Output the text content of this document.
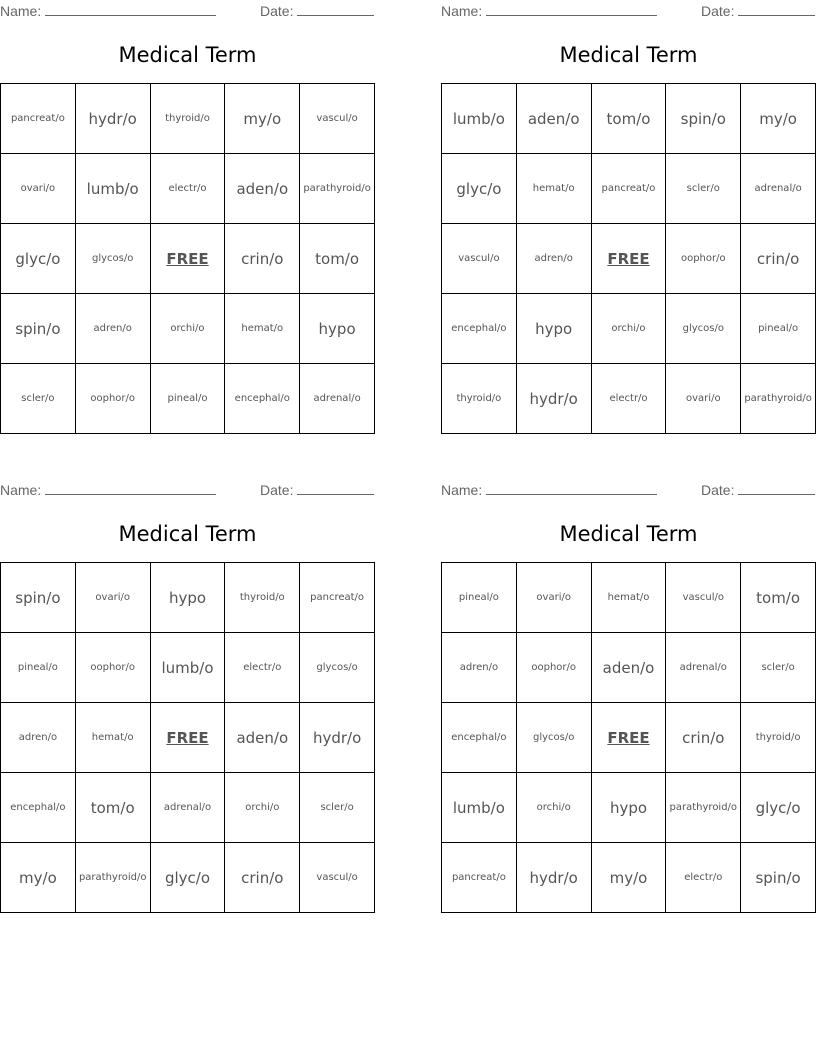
Name:	Date:
Medical Term
pancreat/o	hydr/o	thyroid/o	my/o	vascul/o
ovari/o	lumb/o	electr/o	aden/o	parathyroid/o
glyc/o	glycos/o	FREE	crin/o	tom/o
spin/o	adren/o	orchi/o	hemat/o	hypo
scler/o	oophor/o	pineal/o	encephal/o	adrenal/o
Name:	Date:
Medical Term
lumb/o	aden/o	tom/o	spin/o	my/o
glyc/o	hemat/o	pancreat/o	scler/o	adrenal/o
vascul/o	adren/o	FREE	oophor/o	crin/o
encephal/o	hypo	orchi/o	glycos/o	pineal/o
thyroid/o	hydr/o	electr/o	ovari/o	parathyroid/o
Name:	Date:
Medical Term
spin/o	ovari/o	hypo	thyroid/o	pancreat/o
pineal/o	oophor/o	lumb/o	electr/o	glycos/o
adren/o	hemat/o	FREE	aden/o	hydr/o
encephal/o	tom/o	adrenal/o	orchi/o	scler/o
my/o	parathyroid/o	glyc/o	crin/o	vascul/o
Name:	Date:
Medical Term
pineal/o	ovari/o	hemat/o	vascul/o	tom/o
adren/o	oophor/o	aden/o	adrenal/o	scler/o
encephal/o	glycos/o	FREE	crin/o	thyroid/o
lumb/o	orchi/o	hypo	parathyroid/o	glyc/o
pancreat/o	hydr/o	my/o	electr/o	spin/o
